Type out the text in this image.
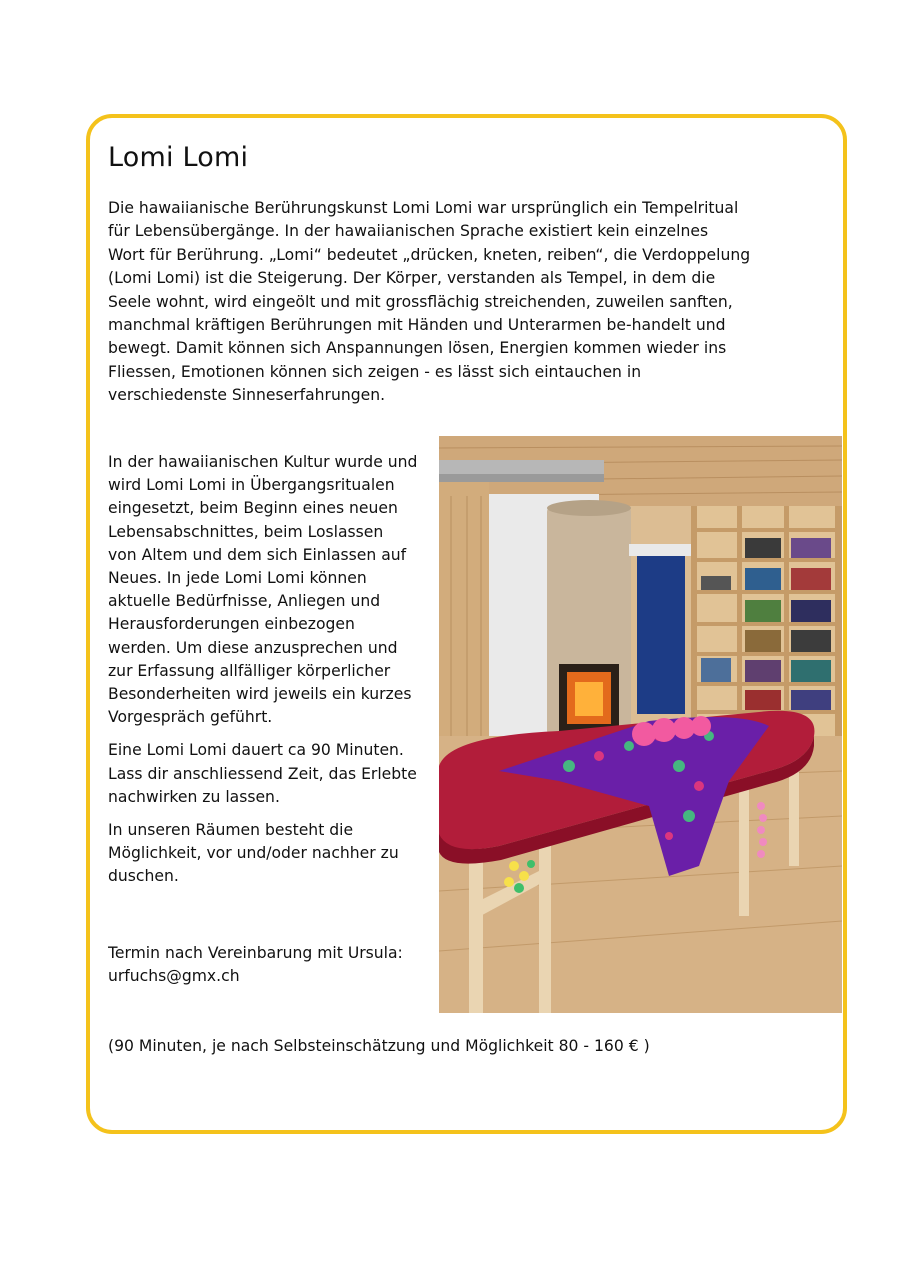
Lomi Lomi

Die hawaiianische Berührungskunst Lomi Lomi war ursprünglich ein Tempelritual
für Lebensübergänge. In der hawaiianischen Sprache existiert kein einzelnes
Wort für Berührung. „Lomi“ bedeutet „drücken, kneten, reiben“, die Verdoppelung
(Lomi Lomi) ist die Steigerung. Der Körper, verstanden als Tempel, in dem die
Seele wohnt, wird eingeölt und mit grossflächig streichenden, zuweilen sanften,
manchmal kräftigen Berührungen mit Händen und Unterarmen be-handelt und
bewegt. Damit können sich Anspannungen lösen, Energien kommen wieder ins
Fliessen, Emotionen können sich zeigen - es lässt sich eintauchen in
verschiedenste Sinneserfahrungen.

In der hawaiianischen Kultur wurde und
wird Lomi Lomi in Übergangsritualen
eingesetzt, beim Beginn eines neuen
Lebensabschnittes, beim Loslassen
von Altem und dem sich Einlassen auf
Neues. In jede Lomi Lomi können
aktuelle Bedürfnisse, Anliegen und
Herausforderungen einbezogen
werden. Um diese anzusprechen und
zur Erfassung allfälliger körperlicher
Besonderheiten wird jeweils ein kurzes
Vorgespräch geführt.

Eine Lomi Lomi dauert ca 90 Minuten.
Lass dir anschliessend Zeit, das Erlebte
nachwirken zu lassen.

In unseren Räumen besteht die
Möglichkeit, vor und/oder nachher zu
duschen.

Termin nach Vereinbarung mit Ursula:
urfuchs@gmx.ch

(90 Minuten, je nach Selbsteinschätzung und Möglichkeit 80 - 160 € )
